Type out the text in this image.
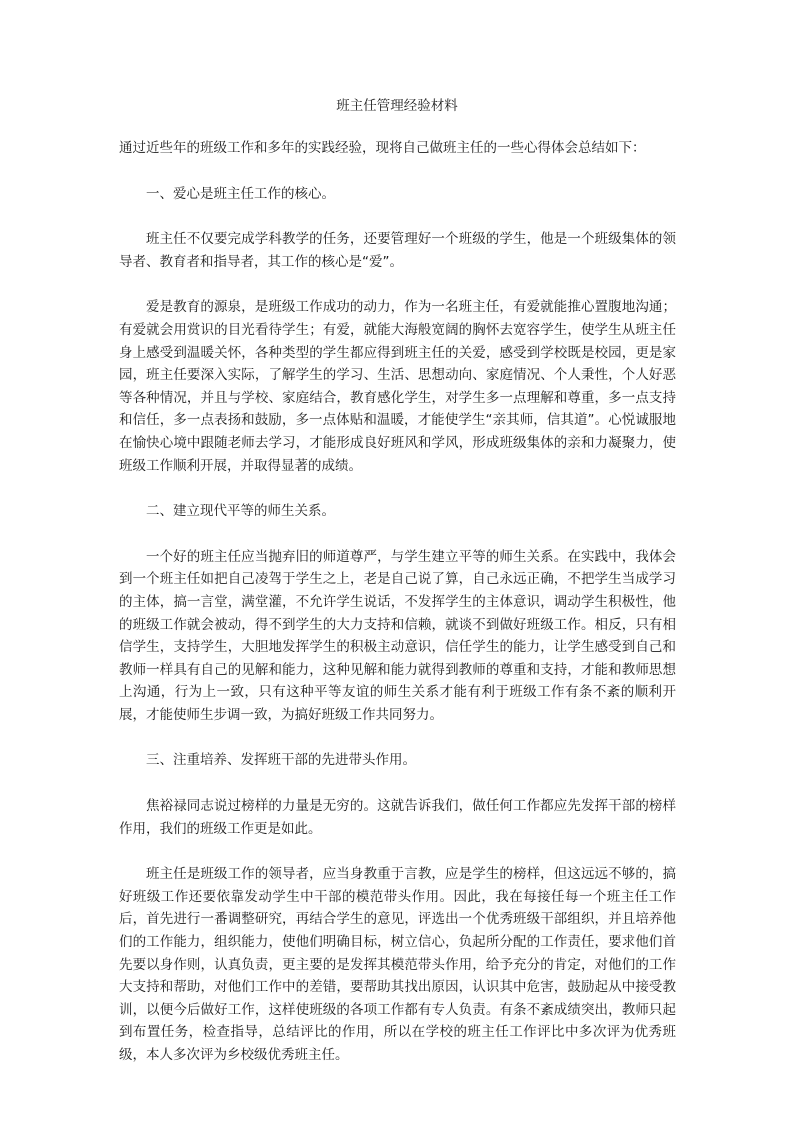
班主任管理经验材料

通过近些年的班级工作和多年的实践经验，现将自己做班主任的一些心得体会总结如下：

一、爱心是班主任工作的核心。

班主任不仅要完成学科教学的任务，还要管理好一个班级的学生，他是一个班级集体的领导者、教育者和指导者，其工作的核心是“爱”。

爱是教育的源泉，是班级工作成功的动力，作为一名班主任，有爱就能推心置腹地沟通；有爱就会用赏识的目光看待学生；有爱，就能大海般宽阔的胸怀去宽容学生，使学生从班主任身上感受到温暖关怀，各种类型的学生都应得到班主任的关爱，感受到学校既是校园，更是家园，班主任要深入实际，了解学生的学习、生活、思想动向、家庭情况、个人秉性，个人好恶等各种情况，并且与学校、家庭结合，教育感化学生，对学生多一点理解和尊重，多一点支持和信任，多一点表扬和鼓励，多一点体贴和温暖，才能使学生“亲其师，信其道”。心悦诚服地在愉快心境中跟随老师去学习，才能形成良好班风和学风，形成班级集体的亲和力凝聚力，使班级工作顺利开展，并取得显著的成绩。

二、建立现代平等的师生关系。

一个好的班主任应当抛弃旧的师道尊严，与学生建立平等的师生关系。在实践中，我体会到一个班主任如把自己凌驾于学生之上，老是自己说了算，自己永远正确，不把学生当成学习的主体，搞一言堂，满堂灌，不允许学生说话，不发挥学生的主体意识，调动学生积极性，他的班级工作就会被动，得不到学生的大力支持和信赖，就谈不到做好班级工作。相反，只有相信学生，支持学生，大胆地发挥学生的积极主动意识，信任学生的能力，让学生感受到自己和教师一样具有自己的见解和能力，这种见解和能力就得到教师的尊重和支持，才能和教师思想上沟通，行为上一致，只有这种平等友谊的师生关系才能有利于班级工作有条不紊的顺利开展，才能使师生步调一致，为搞好班级工作共同努力。

三、注重培养、发挥班干部的先进带头作用。

焦裕禄同志说过榜样的力量是无穷的。这就告诉我们，做任何工作都应先发挥干部的榜样作用，我们的班级工作更是如此。

班主任是班级工作的领导者，应当身教重于言教，应是学生的榜样，但这远远不够的，搞好班级工作还要依靠发动学生中干部的模范带头作用。因此，我在每接任每一个班主任工作后，首先进行一番调整研究，再结合学生的意见，评选出一个优秀班级干部组织，并且培养他们的工作能力，组织能力，使他们明确目标，树立信心，负起所分配的工作责任，要求他们首先要以身作则，认真负责，更主要的是发挥其模范带头作用，给予充分的肯定，对他们的工作大支持和帮助，对他们工作中的差错，要帮助其找出原因，认识其中危害，鼓励起从中接受教训，以便今后做好工作，这样使班级的各项工作都有专人负责。有条不紊成绩突出，教师只起到布置任务，检查指导，总结评比的作用，所以在学校的班主任工作评比中多次评为优秀班级，本人多次评为乡校级优秀班主任。
